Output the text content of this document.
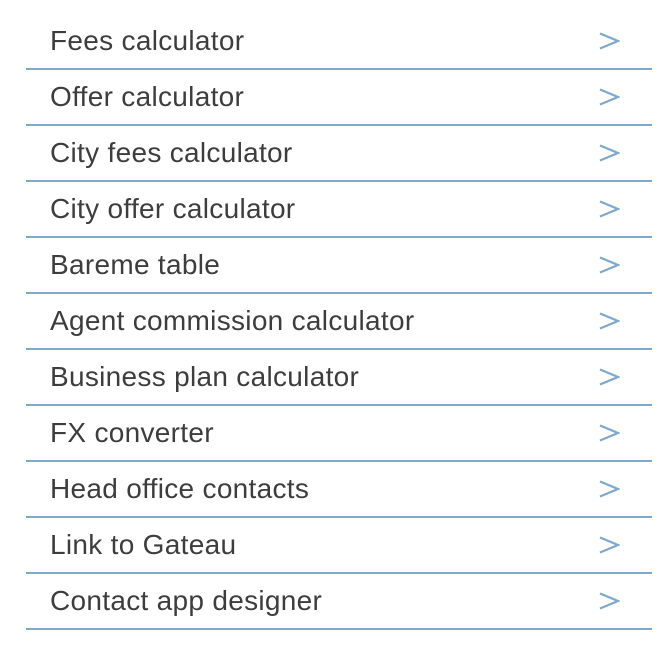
Fees calculator
Offer calculator
City fees calculator
City offer calculator
Bareme table
Agent commission calculator
Business plan calculator
FX converter
Head office contacts
Link to Gateau
Contact app designer
